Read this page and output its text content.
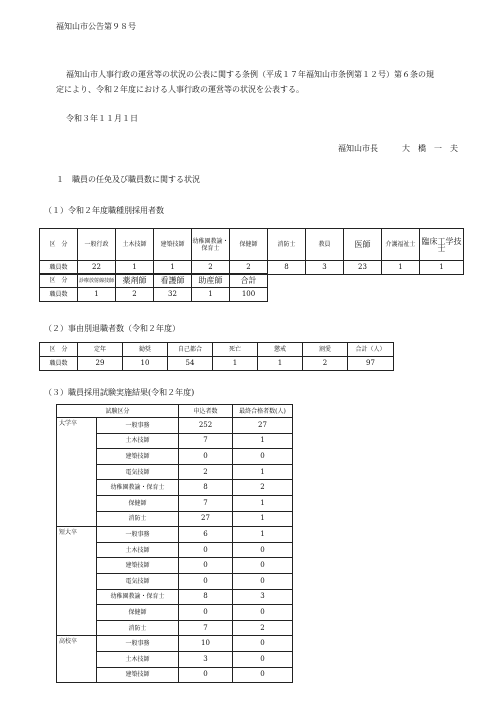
福知山市公告第９８号
福知山市人事行政の運営等の状況の公表に関する条例（平成１７年福知山市条例第１２号）第６条の規
定により、令和２年度における人事行政の運営等の状況を公表する。
令和３年１１月１日
福知山市長	大　橋　一　夫
１　職員の任免及び職員数に関する状況
（１）令和２年度職種別採用者数
区　分	一般行政	土木技師	建築技師	幼稚園教諭・保育士	保健師	消防士	教員	医師	介護福祉士	臨床工学技士
職員数	22	1	1	2	2	8	3	23	1	1
区　分	診療放射線技師	薬剤師	看護師	助産師	合計
職員数	1	2	32	1	100
（２）事由別退職者数（令和２年度）
区　分	定年	勧奨	自己都合	死亡	懲戒	割愛	合計（人）
職員数	29	10	54	1	1	2	97
（３）職員採用試験実施結果(令和２年度)
試験区分		申込者数	最終合格者数(人)
大学卒	一般事務	252	27
	土木技師	7	1
	建築技師	0	0
	電気技師	2	1
	幼稚園教諭・保育士	8	2
	保健師	7	1
	消防士	27	1
短大卒	一般事務	6	1
	土木技師	0	0
	建築技師	0	0
	電気技師	0	0
	幼稚園教諭・保育士	8	3
	保健師	0	0
	消防士	7	2
高校卒	一般事務	10	0
	土木技師	3	0
	建築技師	0	0
